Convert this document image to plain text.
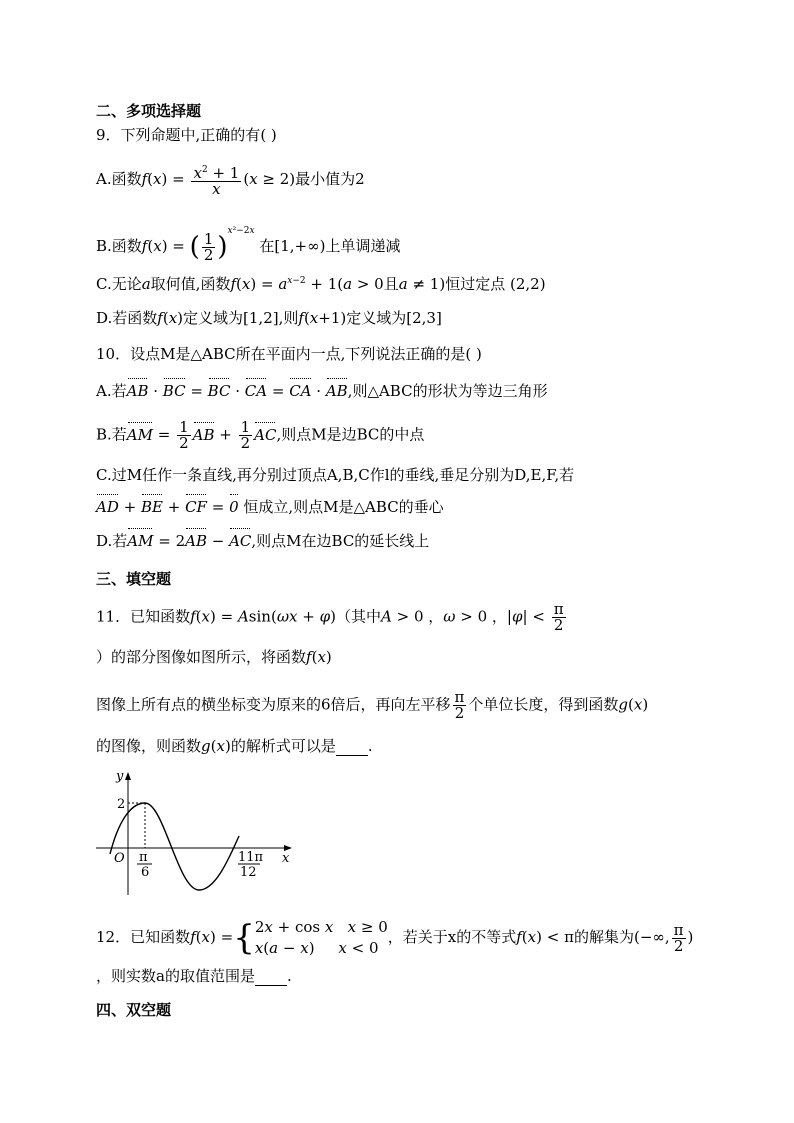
二、多项选择题
9．下列命题中,正确的有( )
A.函数$f(x) = \frac{x^2 + 1}{x} (x \ge 2)$最小值为2
B.函数f(x) = ( $\frac{1}{2} )^{x^2-2x}$ 在[1,+∞)上单调递减
C.无论a取何值,函数$f(x) = a^{x-2} + 1(a > 0$且a ≠ 1)恒过定点 (2,2)
D.若函数f(x)定义域为[1,2],则f(x+1)定义域为[2,3]
10．设点M是△ABC所在平面内一点,下列说法正确的是( )
A.若AB · BC = BC · CA = CA · AB,则△ABC的形状为等边三角形
B.若AM = $\frac{1}{2}$ AB + $\frac{1}{2}$ AC,则点M是边BC的中点
C.过M任作一条直线,再分别过顶点A,B,C作l的垂线,垂足分别为D,E,F,若
AD + BE + CF = 0 恒成立,则点M是△ABC的垂心
D.若AM = 2AB − AC,则点M在边BC的延长线上
三、填空题
11．已知函数f(x) = Asin(ωx + φ)（其中A > 0 ，ω > 0 ，$|\varphi| < \frac{\pi}{2}$
）的部分图像如图所示，将函数f(x)
图像上所有点的横坐标变为原来的6倍后，再向左平移 $\frac{\pi}{2}$ 个单位长度，得到函数g(x)
的图像，则函数g(x)的解析式可以是 .
y
x
O
2
π
6
11π
12
12．已知函数f(x) ={ 2x + cos x x ≥ 0
x(a − x)     x < 0
，若关于x的不等式f(x) < π的解集为(−∞, $\frac{\pi}{2}$ )
，则实数a的取值范围是 .
四、双空题
